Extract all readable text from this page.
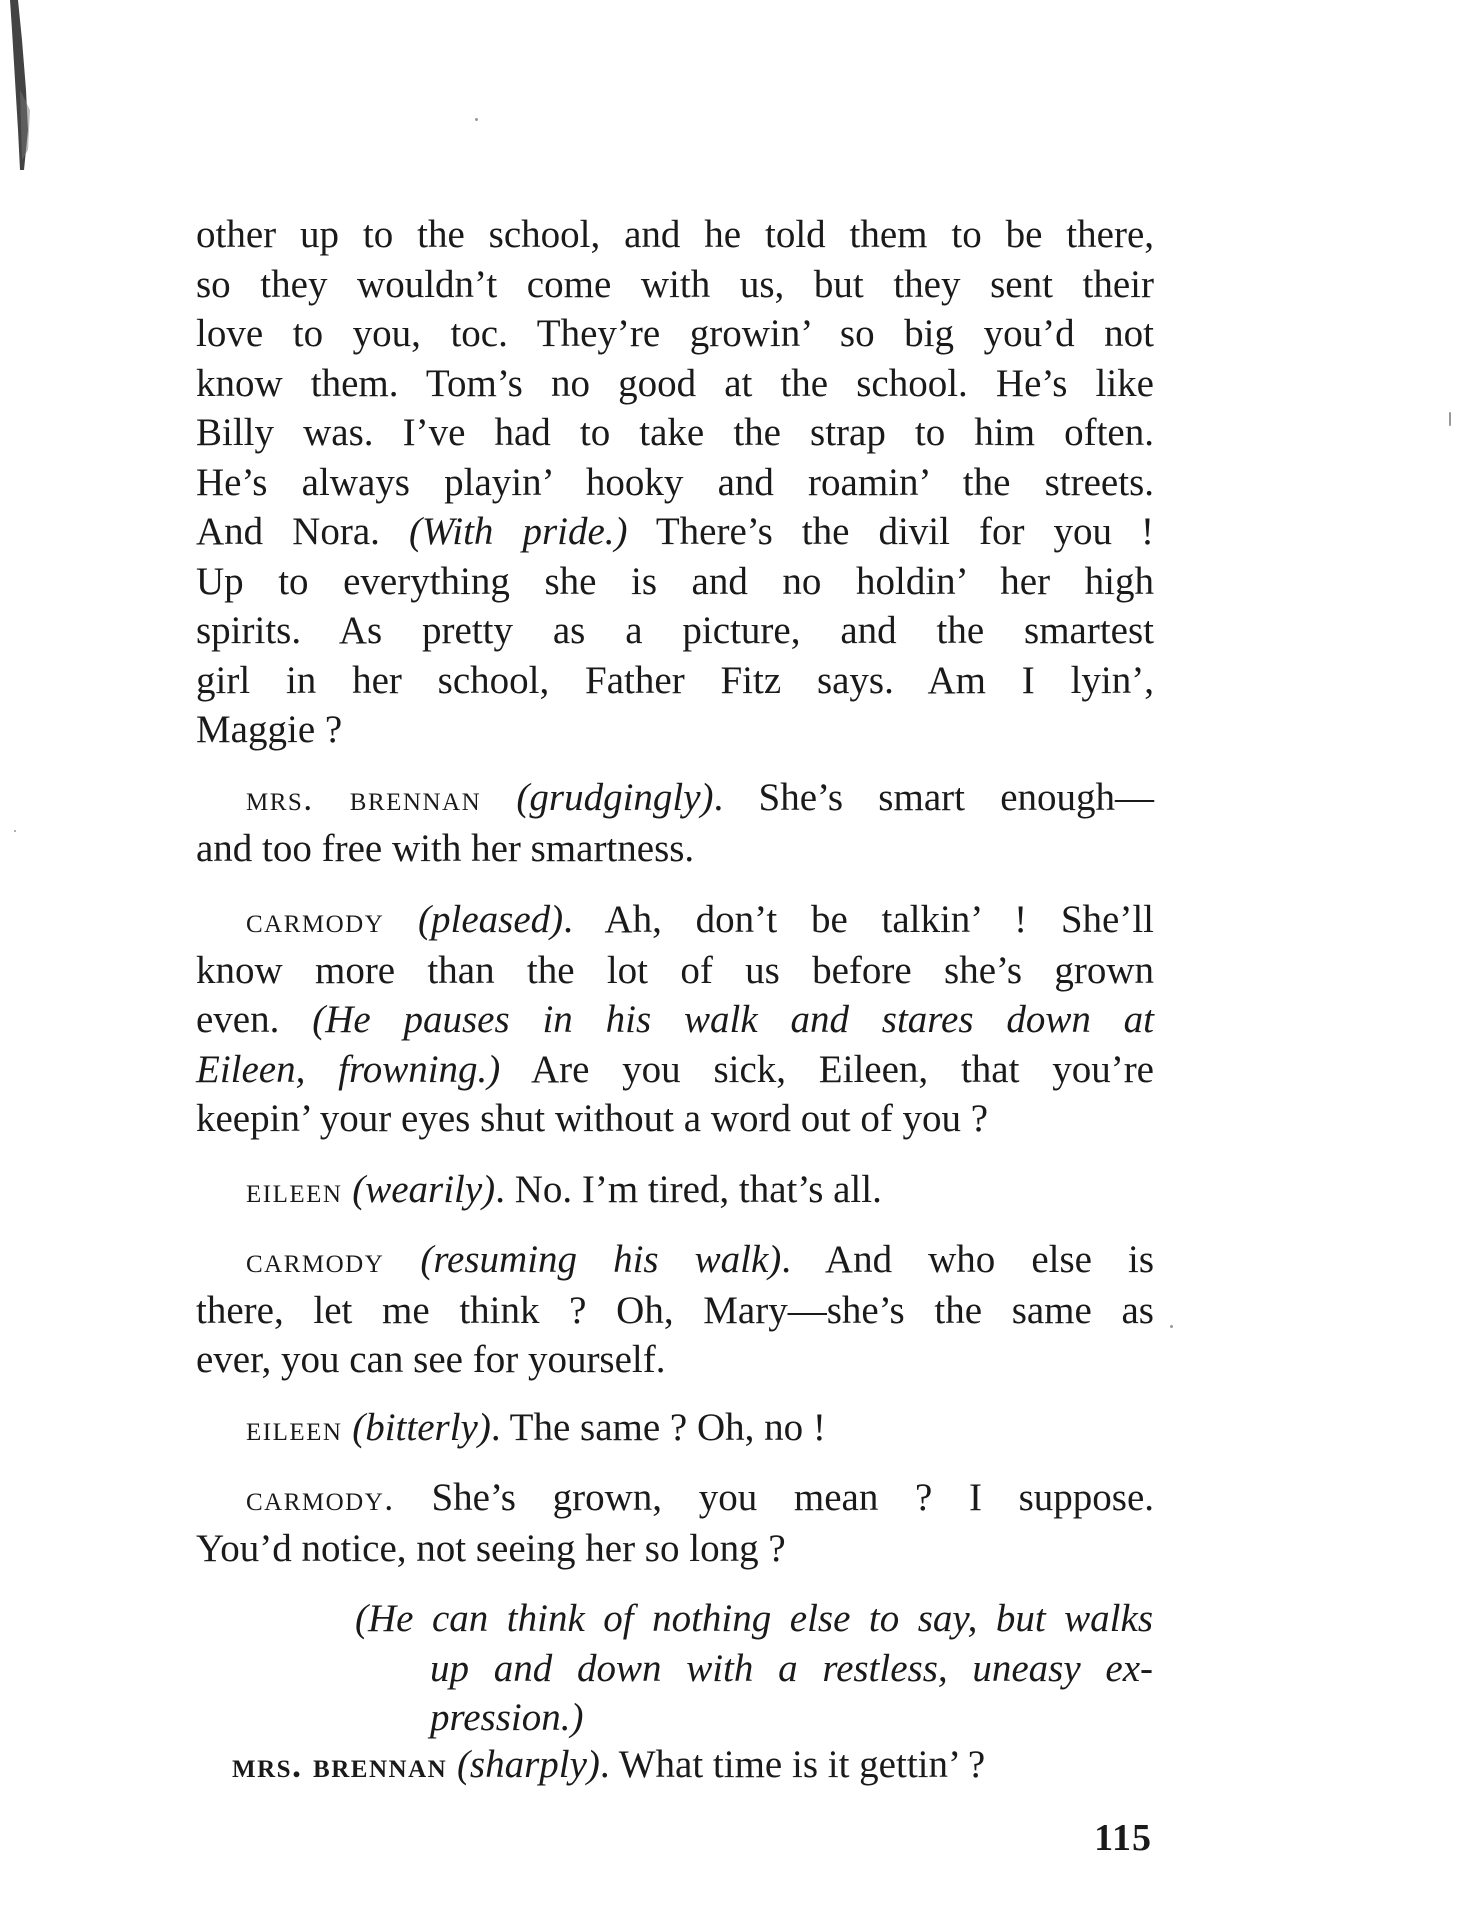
other up to the school, and he told them to be there,
so they wouldn’t come with us, but they sent their
love to you, toc. They’re growin’ so big you’d not
know them. Tom’s no good at the school. He’s like
Billy was. I’ve had to take the strap to him often.
He’s always playin’ hooky and roamin’ the streets.
And Nora. (With pride.) There’s the divil for you !
Up to everything she is and no holdin’ her high
spirits. As pretty as a picture, and the smartest
girl in her school, Father Fitz says. Am I lyin’,
Maggie ?
mrs. brennan (grudgingly). She’s smart enough—
and too free with her smartness.
carmody (pleased). Ah, don’t be talkin’ ! She’ll
know more than the lot of us before she’s grown
even. (He pauses in his walk and stares down at
Eileen, frowning.) Are you sick, Eileen, that you’re
keepin’ your eyes shut without a word out of you ?
eileen (wearily). No. I’m tired, that’s all.
carmody (resuming his walk). And who else is
there, let me think ? Oh, Mary—she’s the same as
ever, you can see for yourself.
eileen (bitterly). The same ? Oh, no !
carmody. She’s grown, you mean ? I suppose.
You’d notice, not seeing her so long ?
(He can think of nothing else to say, but walks
up and down with a restless, uneasy ex-
pression.)
mrs. brennan (sharply). What time is it gettin’ ?
115
